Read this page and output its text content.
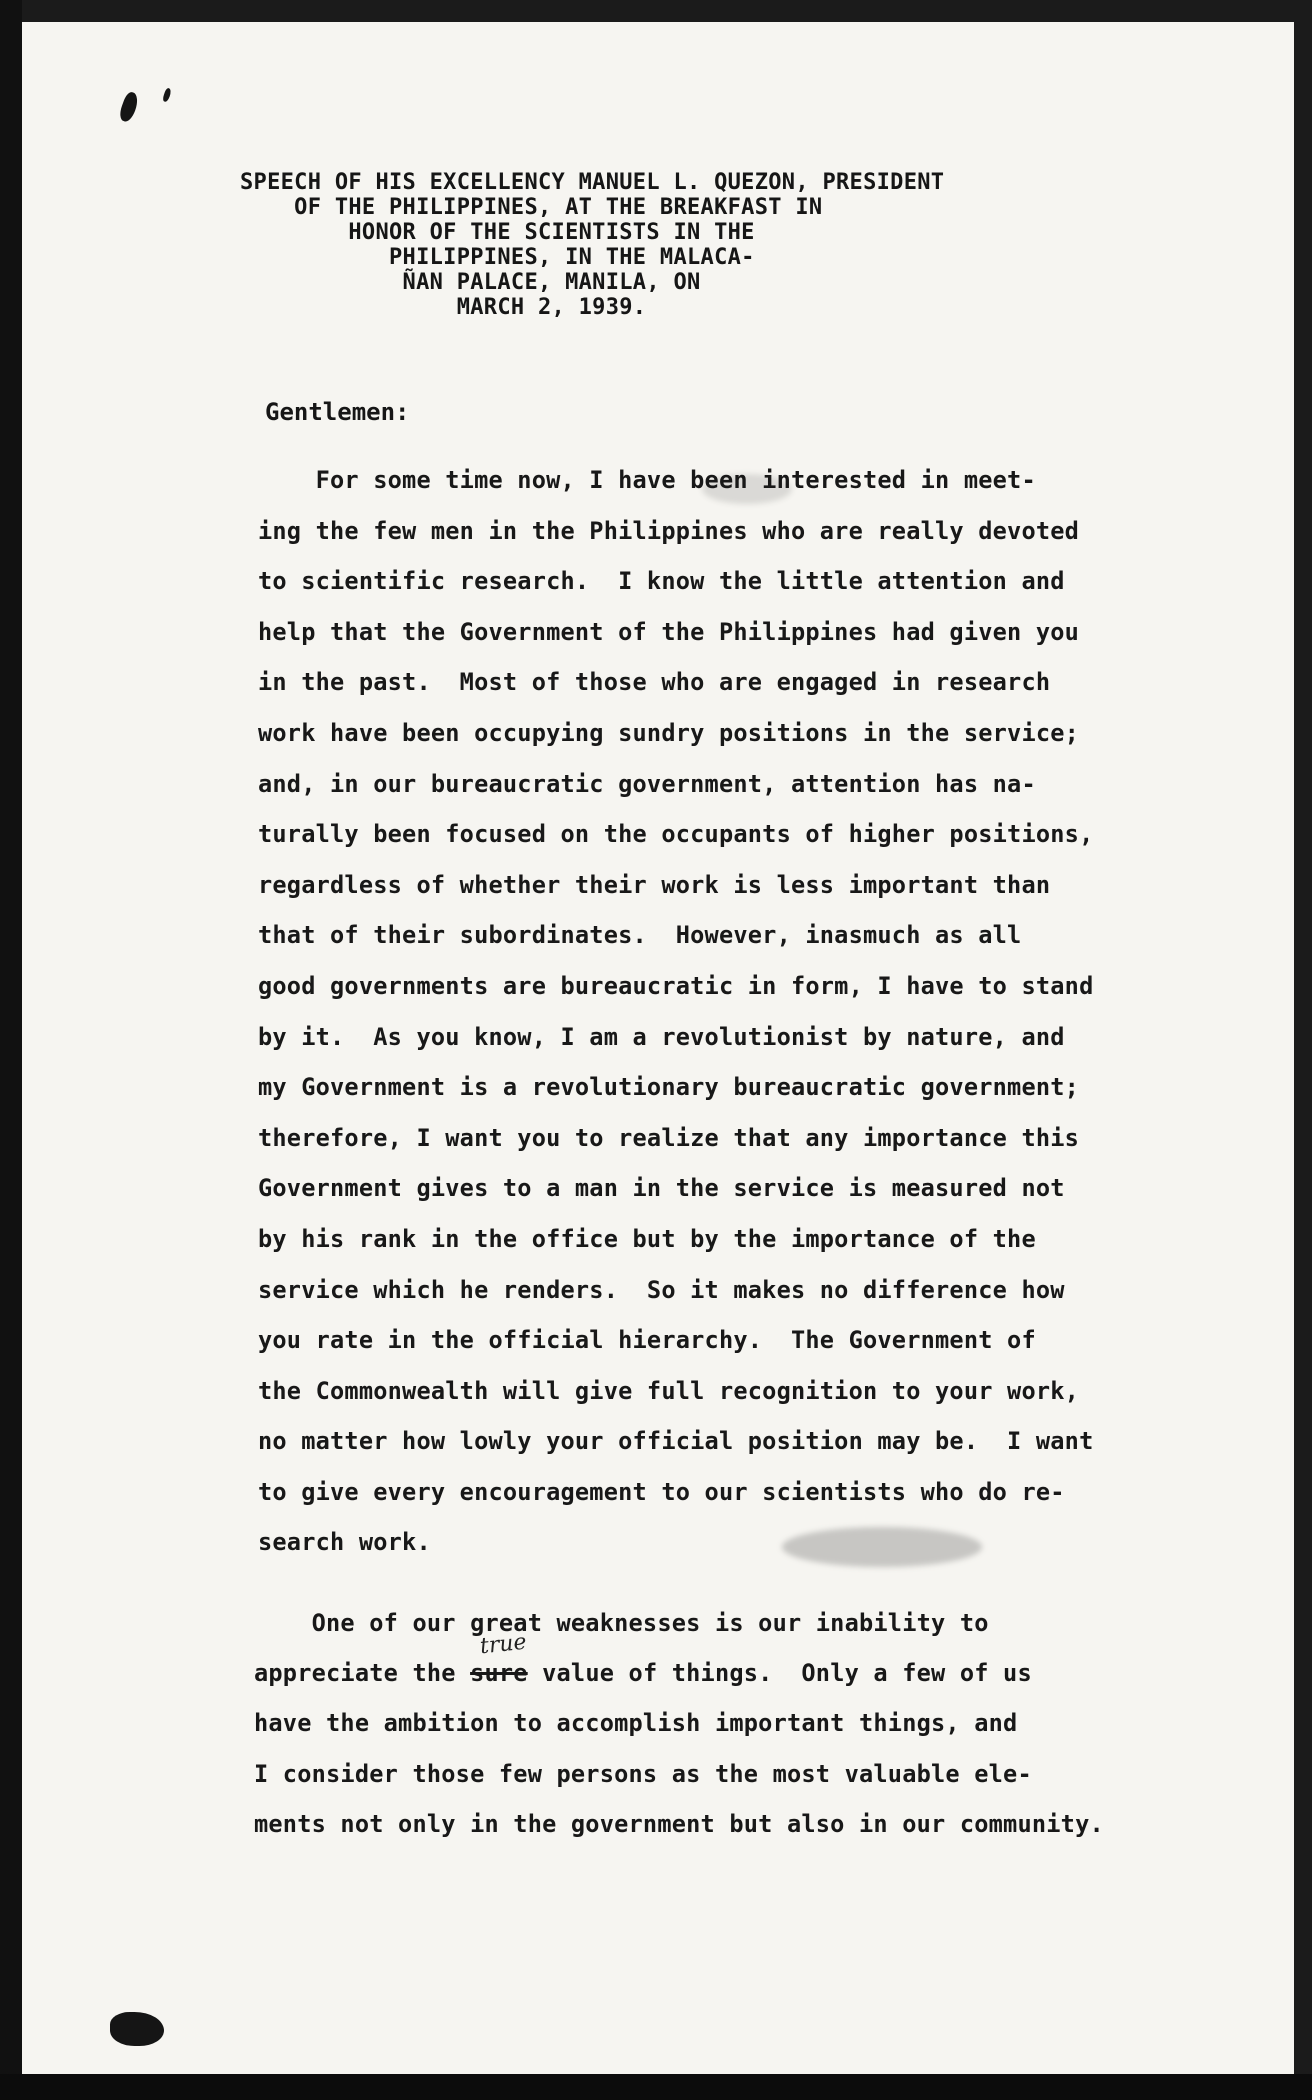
SPEECH OF HIS EXCELLENCY MANUEL L. QUEZON, PRESIDENT
OF THE PHILIPPINES, AT THE BREAKFAST IN
HONOR OF THE SCIENTISTS IN THE
PHILIPPINES, IN THE MALACA-
ÑAN PALACE, MANILA, ON
MARCH 2, 1939.
Gentlemen:
For some time now, I have been interested in meet-
ing the few men in the Philippines who are really devoted
to scientific research.  I know the little attention and
help that the Government of the Philippines had given you
in the past.  Most of those who are engaged in research
work have been occupying sundry positions in the service;
and, in our bureaucratic government, attention has na-
turally been focused on the occupants of higher positions,
regardless of whether their work is less important than
that of their subordinates.  However, inasmuch as all
good governments are bureaucratic in form, I have to stand
by it.  As you know, I am a revolutionist by nature, and
my Government is a revolutionary bureaucratic government;
therefore, I want you to realize that any importance this
Government gives to a man in the service is measured not
by his rank in the office but by the importance of the
service which he renders.  So it makes no difference how
you rate in the official hierarchy.  The Government of
the Commonwealth will give full recognition to your work,
no matter how lowly your official position may be.  I want
to give every encouragement to our scientists who do re-
search work.
true
One of our great weaknesses is our inability to
appreciate the sure value of things.  Only a few of us
have the ambition to accomplish important things, and
I consider those few persons as the most valuable ele-
ments not only in the government but also in our community.
